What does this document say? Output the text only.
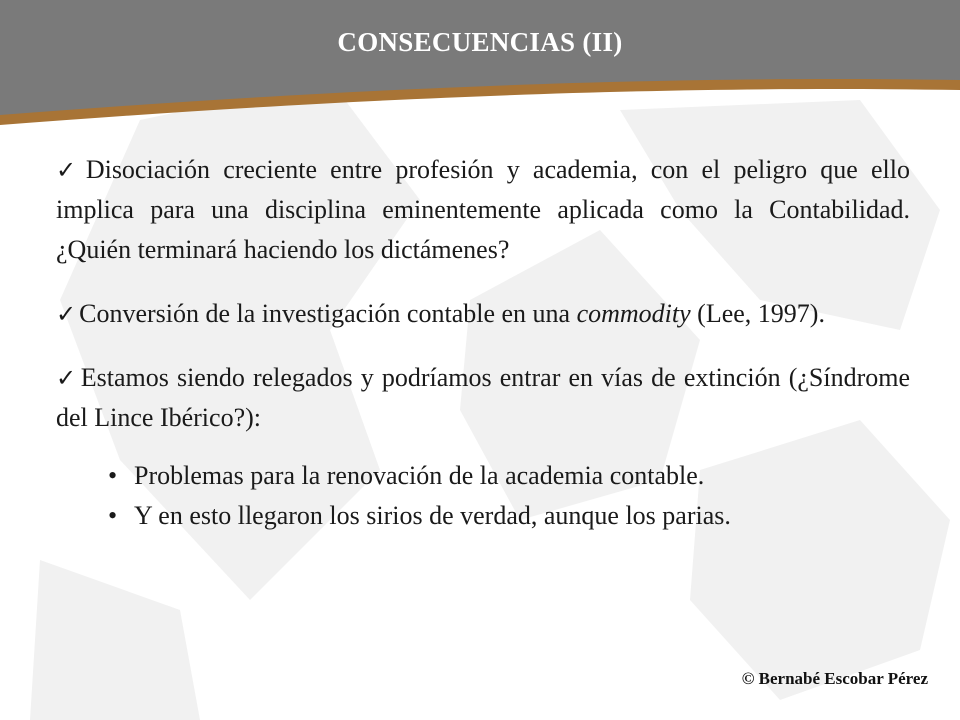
CONSECUENCIAS (II)
✓ Disociación creciente entre profesión y academia, con el peligro que ello implica para una disciplina eminentemente aplicada como la Contabilidad. ¿Quién terminará haciendo los dictámenes?
✓ Conversión de la investigación contable en una commodity (Lee, 1997).
✓ Estamos siendo relegados y podríamos entrar en vías de extinción (¿Síndrome del Lince Ibérico?):
• Problemas para la renovación de la academia contable.
• Y en esto llegaron los sirios de verdad, aunque los parias.
© Bernabé Escobar Pérez
